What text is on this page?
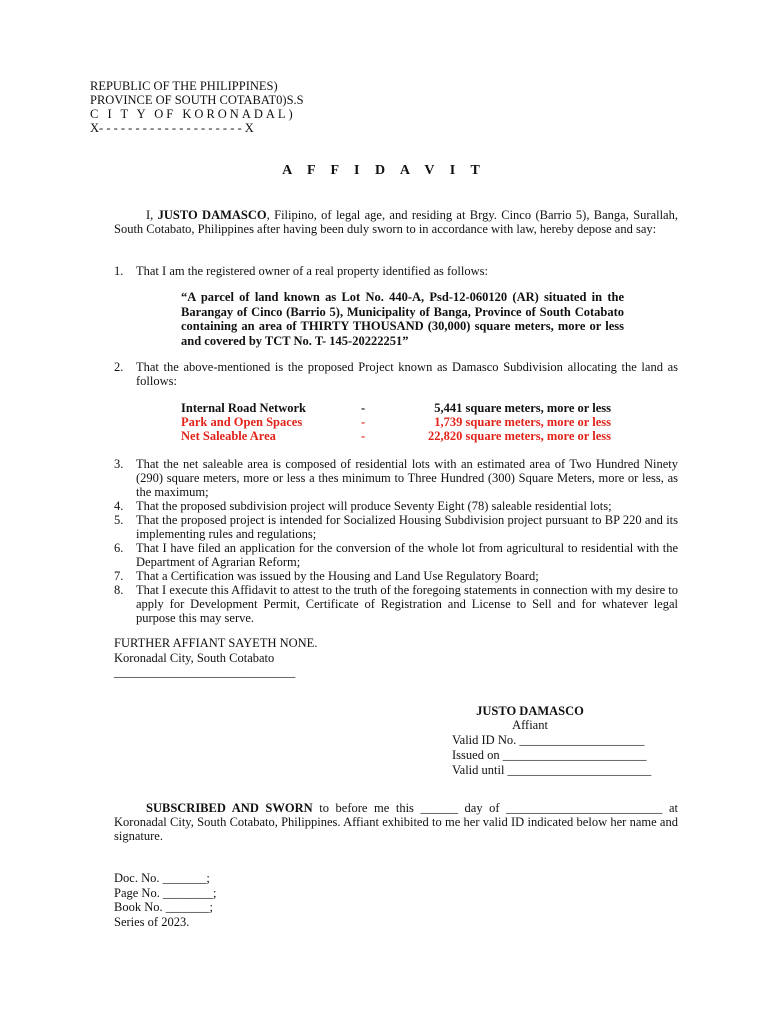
REPUBLIC OF THE PHILIPPINES)
PROVINCE OF SOUTH COTABAT0)S.S
C I T Y OF KORONADAL)
X- - - - - - - - - - - - - - - - - - - - X
A F F I D A V I T
I, JUSTO DAMASCO, Filipino, of legal age, and residing at Brgy. Cinco (Barrio 5), Banga, Surallah, South Cotabato, Philippines after having been duly sworn to in accordance with law, hereby depose and say:
1. That I am the registered owner of a real property identified as follows:
“A parcel of land known as Lot No. 440-A, Psd-12-060120 (AR) situated in the Barangay of Cinco (Barrio 5), Municipality of Banga, Province of South Cotabato containing an area of THIRTY THOUSAND (30,000) square meters, more or less and covered by TCT No. T- 145-20222251”
2. That the above-mentioned is the proposed Project known as Damasco Subdivision allocating the land as follows:
Internal Road Network	-	5,441 square meters, more or less
Park and Open Spaces	-	1,739 square meters, more or less
Net Saleable Area	-	22,820 square meters, more or less
3. That the net saleable area is composed of residential lots with an estimated area of Two Hundred Ninety (290) square meters, more or less a thes minimum to Three Hundred (300) Square Meters, more or less, as the maximum;
4. That the proposed subdivision project will produce Seventy Eight (78) saleable residential lots;
5. That the proposed project is intended for Socialized Housing Subdivision project pursuant to BP 220 and its implementing rules and regulations;
6. That I have filed an application for the conversion of the whole lot from agricultural to residential with the Department of Agrarian Reform;
7. That a Certification was issued by the Housing and Land Use Regulatory Board;
8. That I execute this Affidavit to attest to the truth of the foregoing statements in connection with my desire to apply for Development Permit, Certificate of Registration and License to Sell and for whatever legal purpose this may serve.
FURTHER AFFIANT SAYETH NONE.
Koronadal City, South Cotabato
_____________________________
JUSTO DAMASCO
Affiant
Valid ID No. ____________________
Issued on _______________________
Valid until _______________________
SUBSCRIBED AND SWORN to before me this ______ day of _________________________ at Koronadal City, South Cotabato, Philippines. Affiant exhibited to me her valid ID indicated below her name and signature.
Doc. No. _______;
Page No. ________;
Book No. _______;
Series of 2023.
